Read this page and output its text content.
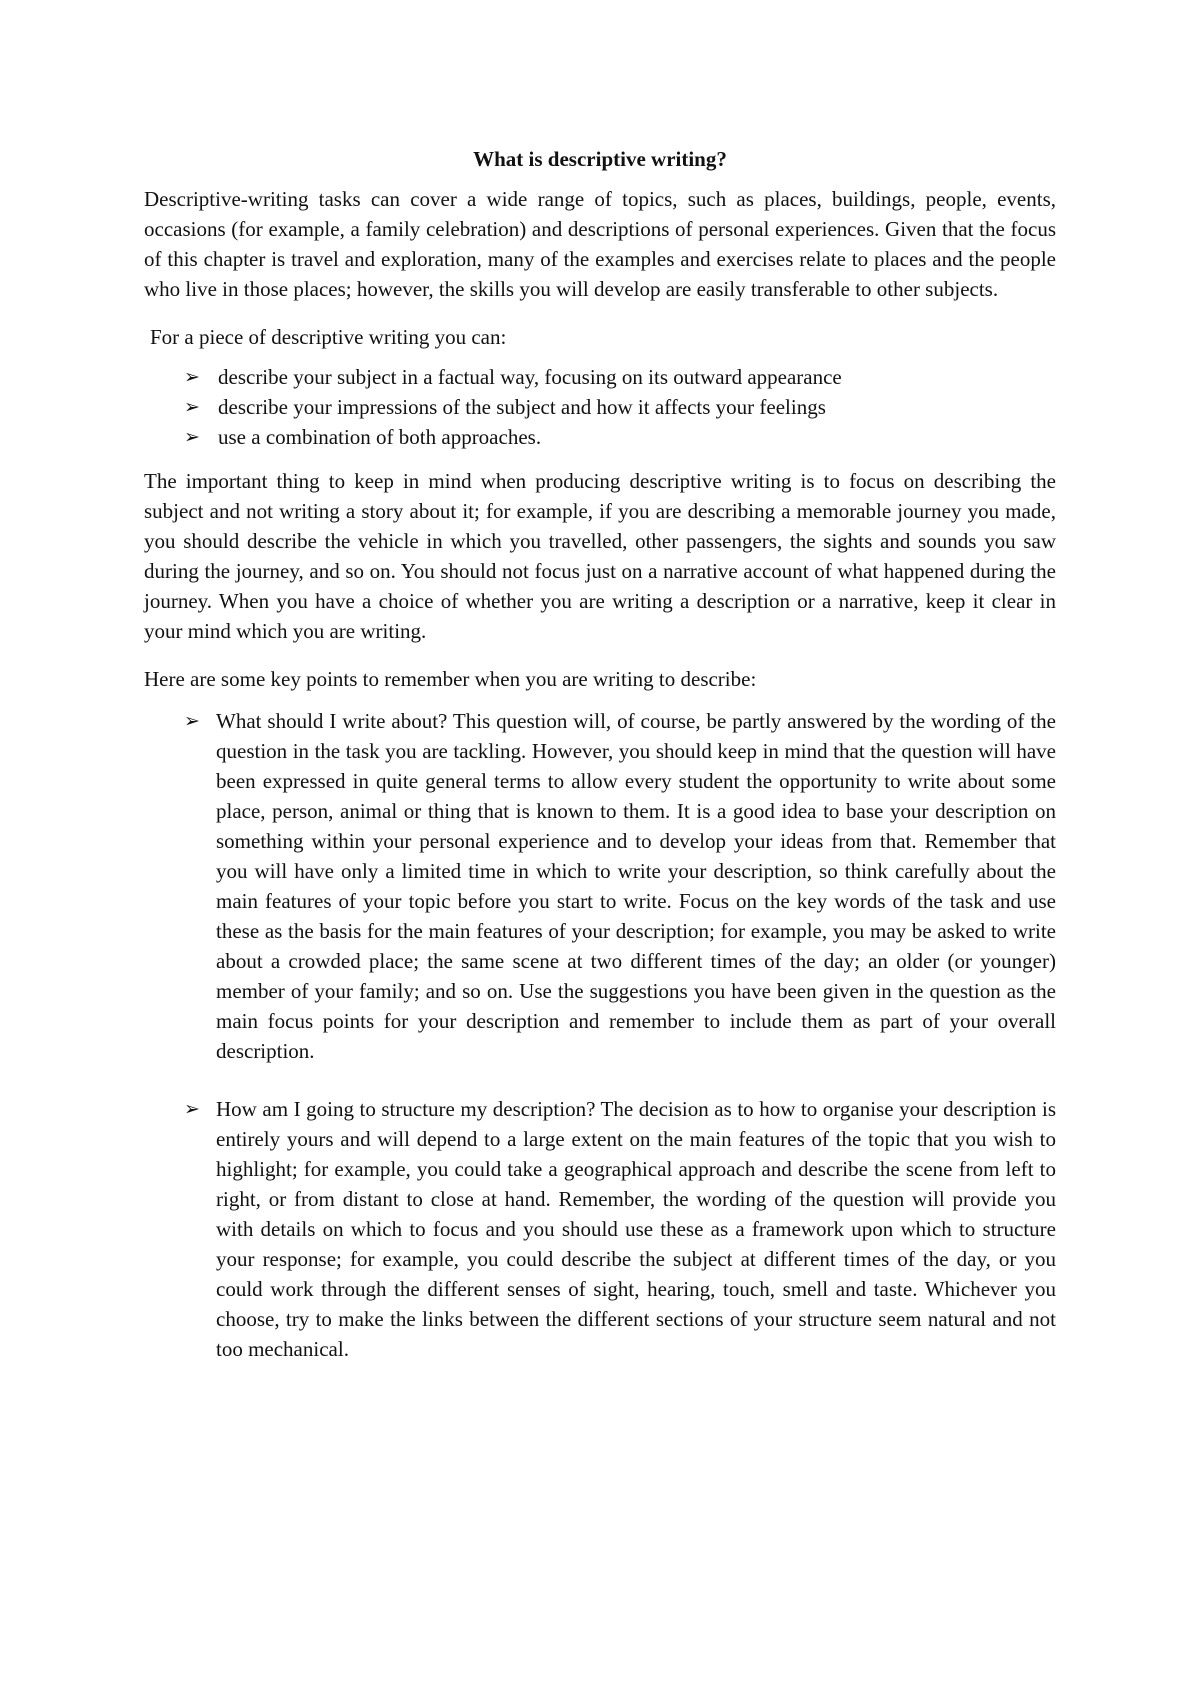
What is descriptive writing?

Descriptive-writing tasks can cover a wide range of topics, such as places, buildings, people, events, occasions (for example, a family celebration) and descriptions of personal experiences. Given that the focus of this chapter is travel and exploration, many of the examples and exercises relate to places and the people who live in those places; however, the skills you will develop are easily transferable to other subjects.

For a piece of descriptive writing you can:

➢ describe your subject in a factual way, focusing on its outward appearance
➢ describe your impressions of the subject and how it affects your feelings
➢ use a combination of both approaches.

The important thing to keep in mind when producing descriptive writing is to focus on describing the subject and not writing a story about it; for example, if you are describing a memorable journey you made, you should describe the vehicle in which you travelled, other passengers, the sights and sounds you saw during the journey, and so on. You should not focus just on a narrative account of what happened during the journey. When you have a choice of whether you are writing a description or a narrative, keep it clear in your mind which you are writing.

Here are some key points to remember when you are writing to describe:

➢ What should I write about? This question will, of course, be partly answered by the wording of the question in the task you are tackling. However, you should keep in mind that the question will have been expressed in quite general terms to allow every student the opportunity to write about some place, person, animal or thing that is known to them. It is a good idea to base your description on something within your personal experience and to develop your ideas from that. Remember that you will have only a limited time in which to write your description, so think carefully about the main features of your topic before you start to write. Focus on the key words of the task and use these as the basis for the main features of your description; for example, you may be asked to write about a crowded place; the same scene at two different times of the day; an older (or younger) member of your family; and so on. Use the suggestions you have been given in the question as the main focus points for your description and remember to include them as part of your overall description.
➢ How am I going to structure my description? The decision as to how to organise your description is entirely yours and will depend to a large extent on the main features of the topic that you wish to highlight; for example, you could take a geographical approach and describe the scene from left to right, or from distant to close at hand. Remember, the wording of the question will provide you with details on which to focus and you should use these as a framework upon which to structure your response; for example, you could describe the subject at different times of the day, or you could work through the different senses of sight, hearing, touch, smell and taste. Whichever you choose, try to make the links between the different sections of your structure seem natural and not too mechanical.
